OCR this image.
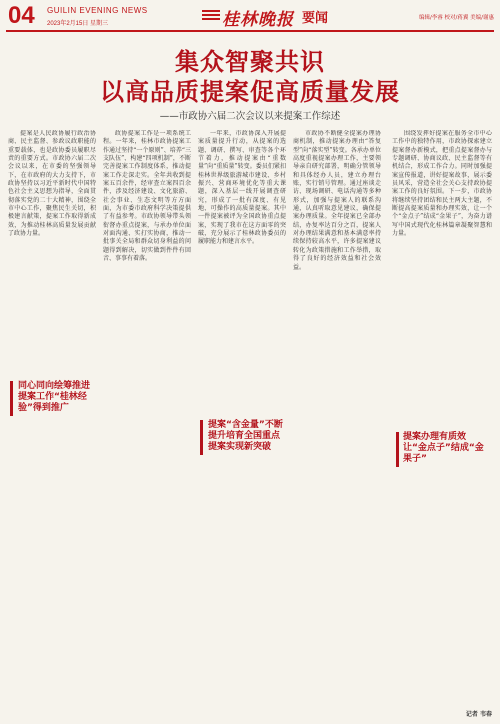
04 GUILIN EVENING NEWS
2023年2月15日 星期三	桂林晚报 要闻	编辑/李睿 校对/蒋翼 美编/谢惠
集众智聚共识
以高品质提案促高质量发展
——市政协六届二次会议以来提案工作综述

提案是人民政协履行政治协商、民主监督、参政议政职能的重要载体，也是政协委员履职尽责的重要方式。市政协六届二次会议以来，在市委的坚强领导下，在市政府的大力支持下，市政协坚持以习近平新时代中国特色社会主义思想为指导，全面贯彻落实党的二十大精神，围绕全市中心工作，聚焦民生关切，积极建言献策，提案工作取得新成效，为推动桂林高质量发展贡献了政协力量。

政协提案工作是一项系统工程。一年来，桂林市政协提案工作通过坚持“一个原则”、培养“三支队伍”、构建“四项机制”，不断完善提案工作制度体系，推动提案工作走深走实。全年共收到提案五百余件，经审查立案四百余件，涉及经济建设、文化旅游、社会事业、生态文明等方方面面，为市委市政府科学决策提供了有益参考。市政协领导带头领衔督办重点提案，与承办单位面对面沟通、实打实协商，推动一批事关全局和群众切身利益的问题得到解决，切实做到件件有回音、事事有着落。

一年来，市政协深入开展提案质量提升行动，从提案的选题、调研、撰写、审查等各个环节着力，推动提案由“重数量”向“重质量”转变。委员们紧扣桂林世界级旅游城市建设、乡村振兴、营商环境优化等重大课题，深入基层一线开展调查研究，形成了一批有深度、有见地、可操作的高质量提案。其中一件提案被评为全国政协重点提案，实现了我市在这方面零的突破，充分展示了桂林政协委员的履职能力和建言水平。

市政协不断健全提案办理协商机制，推动提案办理由“答复型”向“落实型”转变。各承办单位高度重视提案办理工作，主要领导亲自研究部署，明确分管领导和具体经办人员，建立办理台账，实行销号管理。通过座谈走访、现场调研、电话沟通等多种形式，加强与提案人的联系沟通，认真听取意见建议，确保提案办理质量。全年提案已全部办结，办复率达百分之百，提案人对办理结果满意和基本满意率持续保持较高水平，许多提案建议转化为政策措施和工作举措，取得了良好的经济效益和社会效益。

围绕发挥好提案在服务全市中心工作中的独特作用，市政协探索建立提案督办新模式，把重点提案督办与专题调研、协商议政、民主监督等有机结合，形成工作合力。同时加强提案宣传报道，讲好提案故事，展示委员风采，营造全社会关心支持政协提案工作的良好氛围。下一步，市政协将继续坚持团结和民主两大主题，不断提高提案质量和办理实效，让一个个“金点子”结成“金果子”，为奋力谱写中国式现代化桂林篇章凝聚智慧和力量。

同心同向绘筹推进提案工作“桂林经验”得到推广
提案“含金量”不断提升培育全国重点提案实现新突破
提案办理有质效让“金点子”结成“金果子”
记者 韦春
